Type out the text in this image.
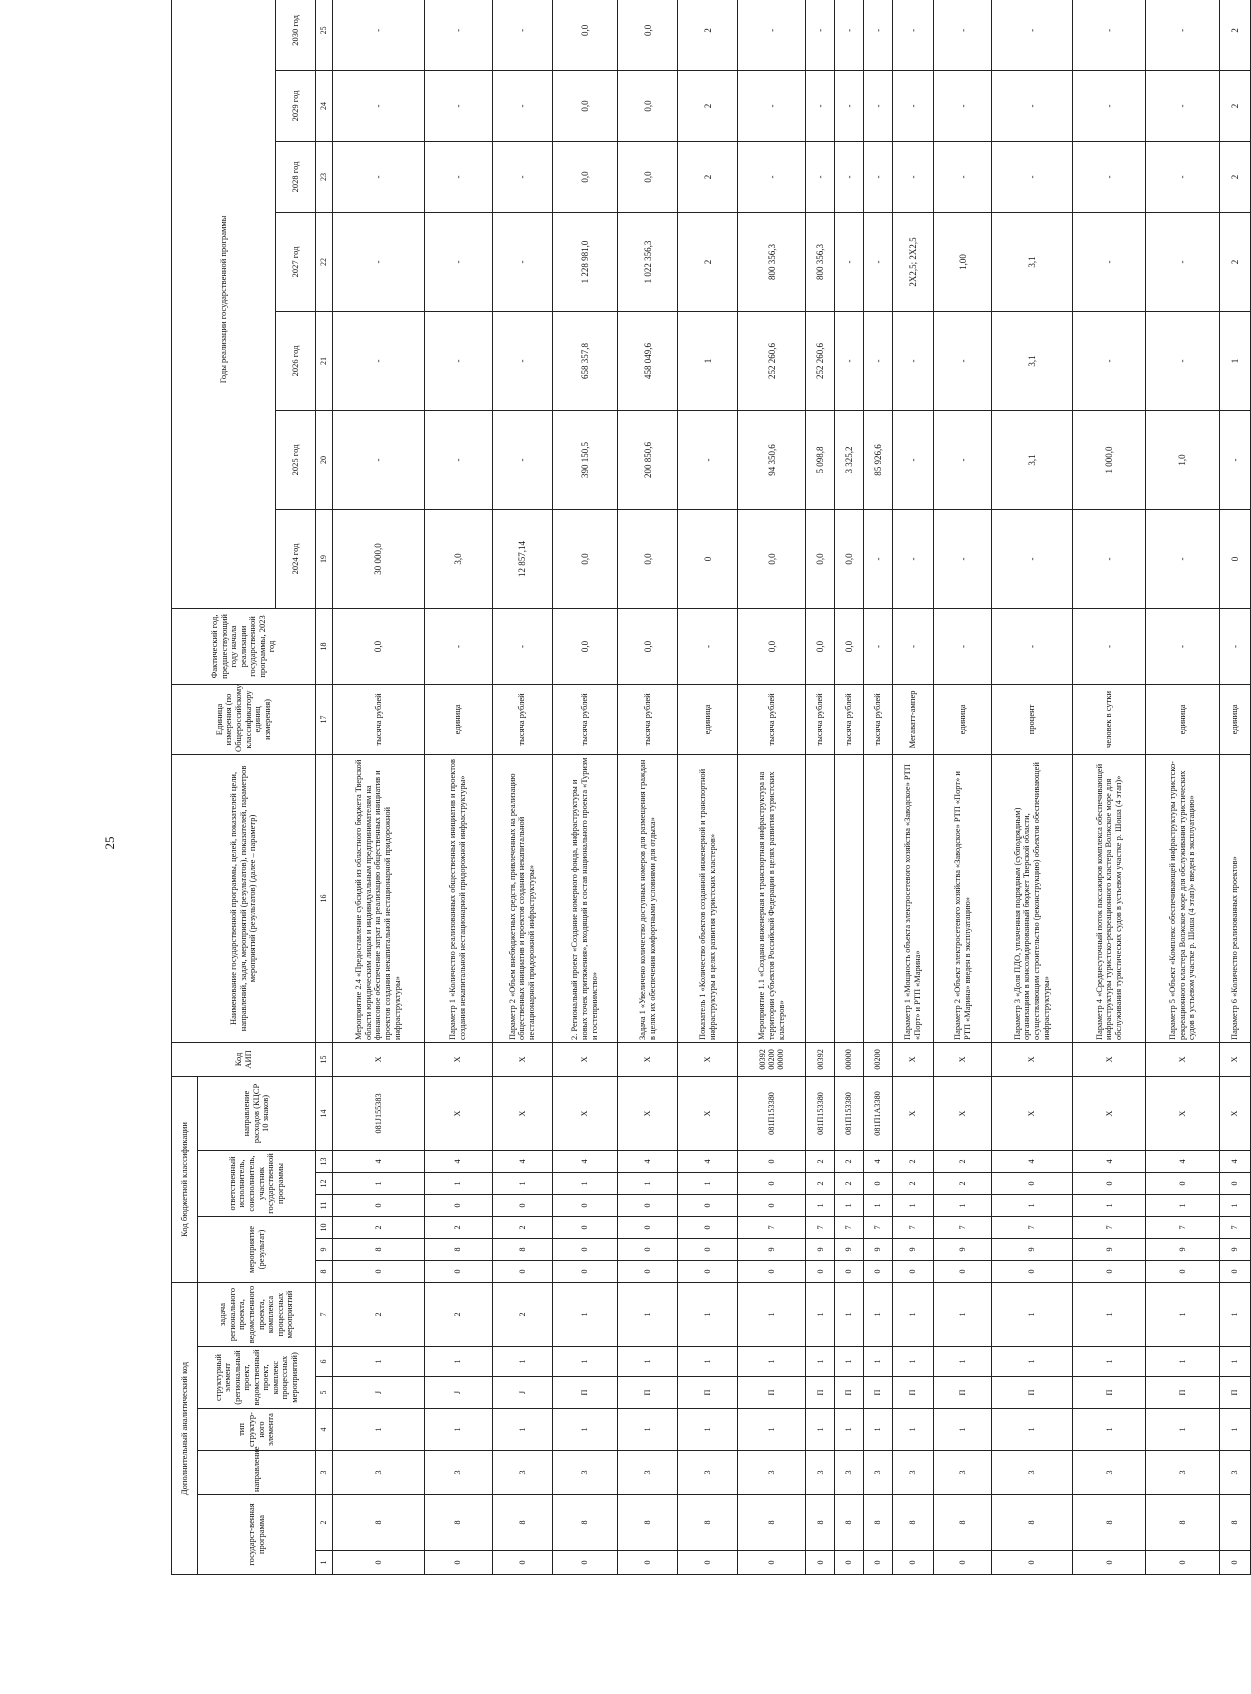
25
Дополнительный аналитический код							Код бюджетной классификации							Код АИП	Наименование государственной программы, целей, показателей цели, направлений, задач, мероприятий (результатов), показателей, параметров мероприятий (результатов) (далее – параметр)	Единица измерения (по Общероссийскому классификатору единиц измерения)	Фактический год, предшествующий году начала реализации государственной программы, 2023 год	Годы реализации государственной программы						
государст-венная программа		направление	тип структур-ного элемента	структурный элемент (региональный проект, ведомственный проект, комплекс процессных мероприятий)		задача регионального проекта, ведомственного проекта, комплекса процессных мероприятий	мероприятие (результат)			ответственный исполнитель, соисполнитель, участник государственной программы			направление расходов (КЦСР 10 знаков)											
																		2024 год	2025 год	2026 год	2027 год	2028 год	2029 год	2030 год
1	2	3	4	5	6	7	8	9	10	11	12	13	14	15	16	17	18	19	20	21	22	23	24	25
0	8	3	1	J	1	2	0	8	2	0	1	4	081J155383	X	Мероприятие 2.4 «Предоставление субсидий из областного бюджета Тверской области юридическим лицам и индивидуальным предпринимателям на финансовое обеспечение затрат на реализацию общественных инициатив и проектов создания некапитальной нестационарной придорожной инфраструктуры»	тысяча рублей	0,0	30 000,0	-	-	-	-	-	-
0	8	3	1	J	1	2	0	8	2	0	1	4	X	X	Параметр 1 «Количество реализованных общественных инициатив и проектов создания некапитальной нестационарной придорожной инфраструктуры»	единица	-	3,0	-	-	-	-	-	-
0	8	3	1	J	1	2	0	8	2	0	1	4	X	X	Параметр 2 «Объем внебюджетных средств, привлеченных на реализацию общественных инициатив и проектов создания некапитальной нестационарной придорожной инфраструктуры»	тысяча рублей	-	12 857,14	-	-	-	-	-	-
0	8	3	1	П	1	1	0	0	0	0	1	4	X	X	2. Региональный проект «Создание номерного фонда, инфраструктуры и новых точек притяжения», входящий в состав национального проекта «Туризм и гостеприимство»	тысяча рублей	0,0	0,0	390 150,5	658 357,8	1 228 981,0	0,0	0,0	0,0
0	8	3	1	П	1	1	0	0	0	0	1	4	X	X	Задача 1 «Увеличено количество доступных номеров для размещения граждан в целях их обеспечения комфортными условиями для отдыха»	тысяча рублей	0,0	0,0	200 850,6	458 049,6	1 022 356,3	0,0	0,0	0,0
0	8	3	1	П	1	1	0	0	0	0	1	4	X	X	Показатель 1 «Количество объектов созданной инженерной и транспортной инфраструктуры в целях развития туристских кластеров»	единица	-	0	-	1	2	2	2	2
0	8	3	1	П	1	1	0	9	7	0	0	0	081П153380	00392 00200 00000	Мероприятие 1.1 «Создана инженерная и транспортная инфраструктура на территории субъектов Российской Федерации в целях развития туристских кластеров»	тысяча рублей	0,0	0,0	94 350,6	252 260,6	800 356,3	-	-	-
0	8	3	1	П	1	1	0	9	7	1	2	2	081П153380	00392		тысяча рублей	0,0	0,0	5 098,8	252 260,6	800 356,3	-	-	-
0	8	3	1	П	1	1	0	9	7	1	2	2	081П153380	00000		тысяча рублей	0,0	0,0	3 325,2	-	-	-	-	-
0	8	3	1	П	1	1	0	9	7	1	0	4	081П1А3380	00200		тысяча рублей	-	-	85 926,6	-	-	-	-	-
0	8	3	1	П	1	1	0	9	7	1	2	2	X	X	Параметр 1 «Мощность объекта электросетевого хозяйства «Заводское» РТП «Порт» и РТП «Марина»	Мегаватт-ампер	-	-	-	-	2Х2,5; 2Х2,5	-	-	-
0	8	3	1	П	1	1	0	9	7	1	2	2	X	X	Параметр 2 «Объект электросетевого хозяйства «Заводское» РТП «Порт» и РТП «Марина» введен в эксплуатацию»	единица	-	-	-	-	1,00	-	-	-
0	8	3	1	П	1	1	0	9	7	1	0	4	X	X	Параметр 3 «Доля ПДО, уплаченная подрядным (субподрядным) организациям в консолидированный бюджет Тверской области, осуществляющим строительство (реконструкцию) объектов обеспечивающей инфраструктуры»	процент	-	-	3,1	3,1	3,1	-	-	-
0	8	3	1	П	1	1	0	9	7	1	0	4	X	X	Параметр 4 «Среднесуточный поток пассажиров комплекса обеспечивающей инфраструктуры туристско-рекреационного кластера Волжское море для обслуживания туристических судов в устьевом участке р. Шоша (4 этап)»	человек в сутки	-	-	1 000,0	-	-	-	-	-
0	8	3	1	П	1	1	0	9	7	1	0	4	X	X	Параметр 5 «Объект «Комплекс обеспечивающей инфраструктуры туристско-рекреационного кластера Волжское море для обслуживания туристических судов в устьевом участке р. Шоша (4 этап)» введен в эксплуатацию»	единица	-	-	1,0	-	-	-	-	-
0	8	3	1	П	1	1	0	9	7	1	0	4	X	X	Параметр 6 «Количество реализованных проектов»	единица	-	0	-	1	2	2	2	2
